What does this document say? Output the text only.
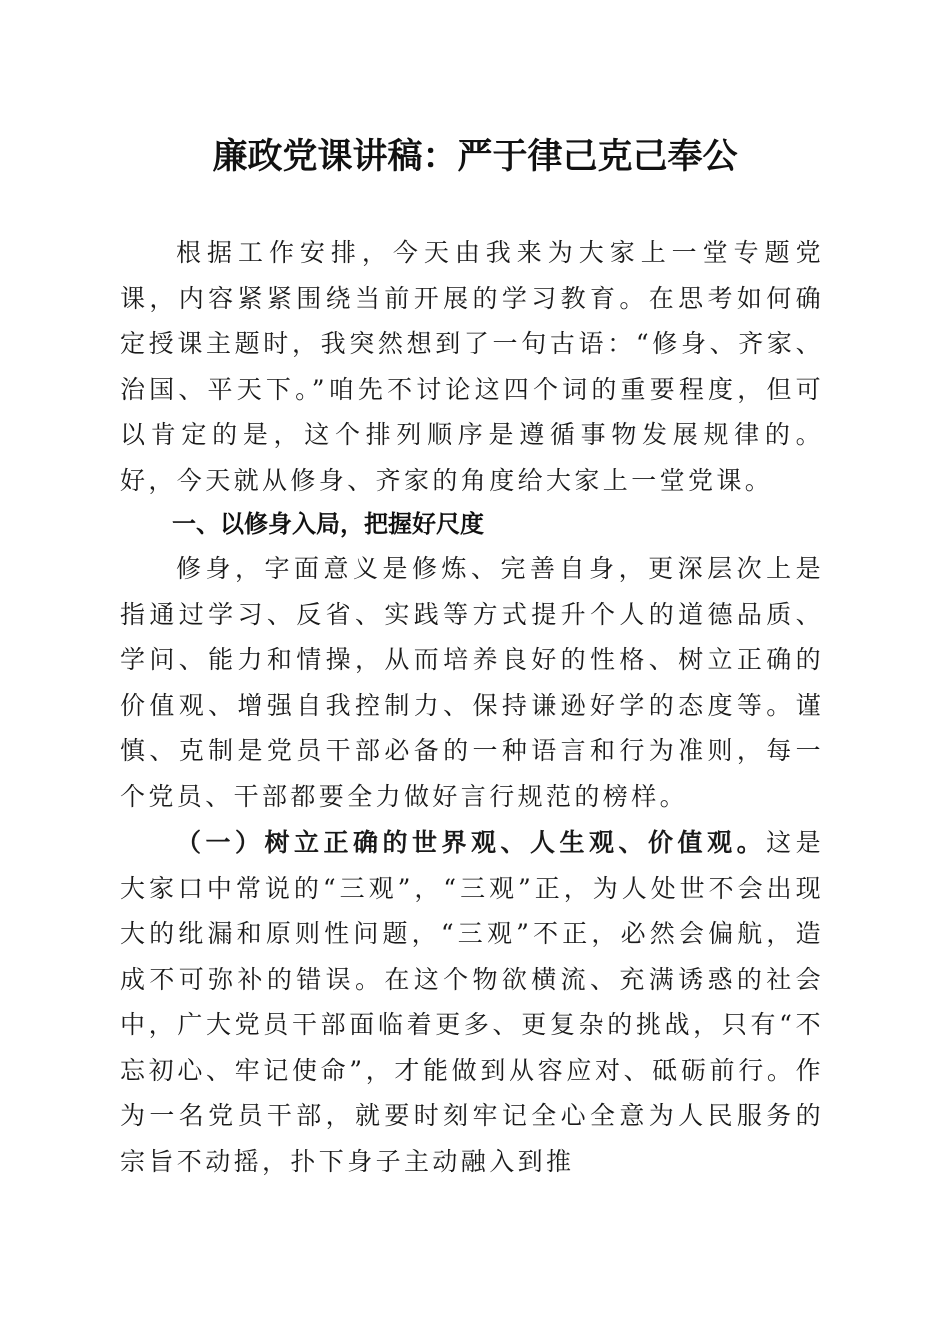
廉政党课讲稿：严于律己克己奉公

根据工作安排，今天由我来为大家上一堂专题党课，内容紧紧围绕当前开展的学习教育。在思考如何确定授课主题时，我突然想到了一句古语：“修身、齐家、治国、平天下。”咱先不讨论这四个词的重要程度，但可以肯定的是，这个排列顺序是遵循事物发展规律的。好，今天就从修身、齐家的角度给大家上一堂党课。

一、以修身入局，把握好尺度

修身，字面意义是修炼、完善自身，更深层次上是指通过学习、反省、实践等方式提升个人的道德品质、学问、能力和情操，从而培养良好的性格、树立正确的价值观、增强自我控制力、保持谦逊好学的态度等。谨慎、克制是党员干部必备的一种语言和行为准则，每一个党员、干部都要全力做好言行规范的榜样。

（一）树立正确的世界观、人生观、价值观。这是大家口中常说的“三观”，“三观”正，为人处世不会出现大的纰漏和原则性问题，“三观”不正，必然会偏航，造成不可弥补的错误。在这个物欲横流、充满诱惑的社会中，广大党员干部面临着更多、更复杂的挑战，只有“不忘初心、牢记使命”，才能做到从容应对、砥砺前行。作为一名党员干部，就要时刻牢记全心全意为人民服务的宗旨不动摇，扑下身子主动融入到推
